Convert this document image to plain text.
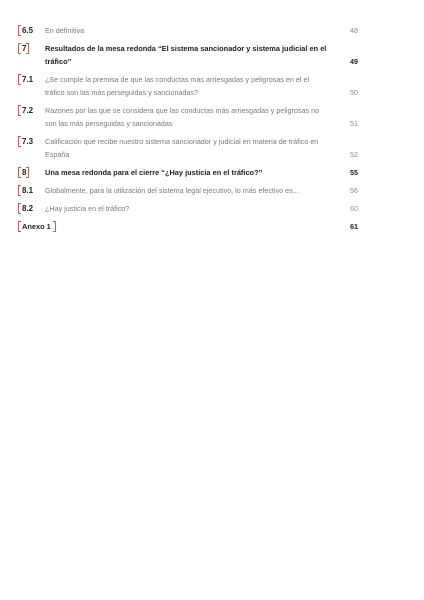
6.5 En definitiva	48
7	Resultados de la mesa redonda “El sistema sancionador y sistema judicial en el tráfico”	49
7.1 ¿Se cumple la premisa de que las conductas más arriesgadas y peligrosas en el el tráfico son las más perseguidas y sancionadas?	50
7.2 Razones por las que se considera que las conductas más arriesgadas y peligrosas no son las más perseguidas y sancionadas	51
7.3 Calificación que recibe nuestro sistema sancionador y judicial en materia de tráfico en España	52
8	Una mesa redonda para el cierre “¿Hay justicia en el tráfico?”	55
8.1 Globalmente, para la utilización del sistema legal ejecutivo, lo más efectivo es...	56
8.2 ¿Hay justicia en el tráfico?	60
Anexo 1	61
